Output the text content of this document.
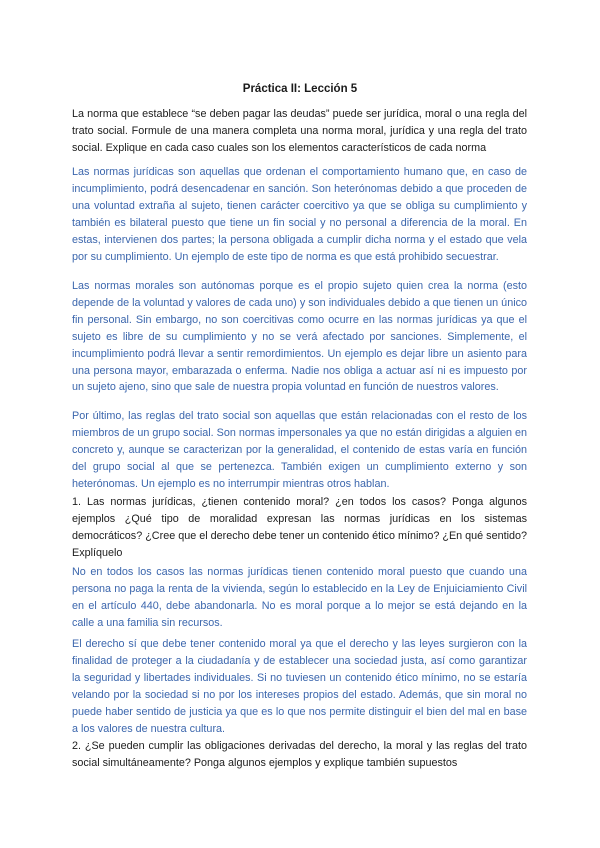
Práctica II: Lección 5

La norma que establece “se deben pagar las deudas” puede ser jurídica, moral o una regla del trato social. Formule de una manera completa una norma moral, jurídica y una regla del trato social. Explique en cada caso cuales son los elementos característicos de cada norma

Las normas jurídicas son aquellas que ordenan el comportamiento humano que, en caso de incumplimiento, podrá desencadenar en sanción. Son heterónomas debido a que proceden de una voluntad extraña al sujeto, tienen carácter coercitivo ya que se obliga su cumplimiento y también es bilateral puesto que tiene un fin social y no personal a diferencia de la moral. En estas, intervienen dos partes; la persona obligada a cumplir dicha norma y el estado que vela por su cumplimiento. Un ejemplo de este tipo de norma es que está prohibido secuestrar.

Las normas morales son autónomas porque es el propio sujeto quien crea la norma (esto depende de la voluntad y valores de cada uno) y son individuales debido a que tienen un único fin personal. Sin embargo, no son coercitivas como ocurre en las normas jurídicas ya que el sujeto es libre de su cumplimiento y no se verá afectado por sanciones. Simplemente, el incumplimiento podrá llevar a sentir remordimientos. Un ejemplo es dejar libre un asiento para una persona mayor, embarazada o enferma. Nadie nos obliga a actuar así ni es impuesto por un sujeto ajeno, sino que sale de nuestra propia voluntad en función de nuestros valores.

Por último, las reglas del trato social son aquellas que están relacionadas con el resto de los miembros de un grupo social. Son normas impersonales ya que no están dirigidas a alguien en concreto y, aunque se caracterizan por la generalidad, el contenido de estas varía en función del grupo social al que se pertenezca. También exigen un cumplimiento externo y son heterónomas. Un ejemplo es no interrumpir mientras otros hablan.

1. Las normas jurídicas, ¿tienen contenido moral? ¿en todos los casos? Ponga algunos ejemplos ¿Qué tipo de moralidad expresan las normas jurídicas en los sistemas democráticos? ¿Cree que el derecho debe tener un contenido ético mínimo? ¿En qué sentido? Explíquelo

No en todos los casos las normas jurídicas tienen contenido moral puesto que cuando una persona no paga la renta de la vivienda, según lo establecido en la Ley de Enjuiciamiento Civil en el artículo 440, debe abandonarla. No es moral porque a lo mejor se está dejando en la calle a una familia sin recursos.

El derecho sí que debe tener contenido moral ya que el derecho y las leyes surgieron con la finalidad de proteger a la ciudadanía y de establecer una sociedad justa, así como garantizar la seguridad y libertades individuales. Si no tuviesen un contenido ético mínimo, no se estaría velando por la sociedad si no por los intereses propios del estado. Además, que sin moral no puede haber sentido de justicia ya que es lo que nos permite distinguir el bien del mal en base a los valores de nuestra cultura.

2. ¿Se pueden cumplir las obligaciones derivadas del derecho, la moral y las reglas del trato social simultáneamente? Ponga algunos ejemplos y explique también supuestos
